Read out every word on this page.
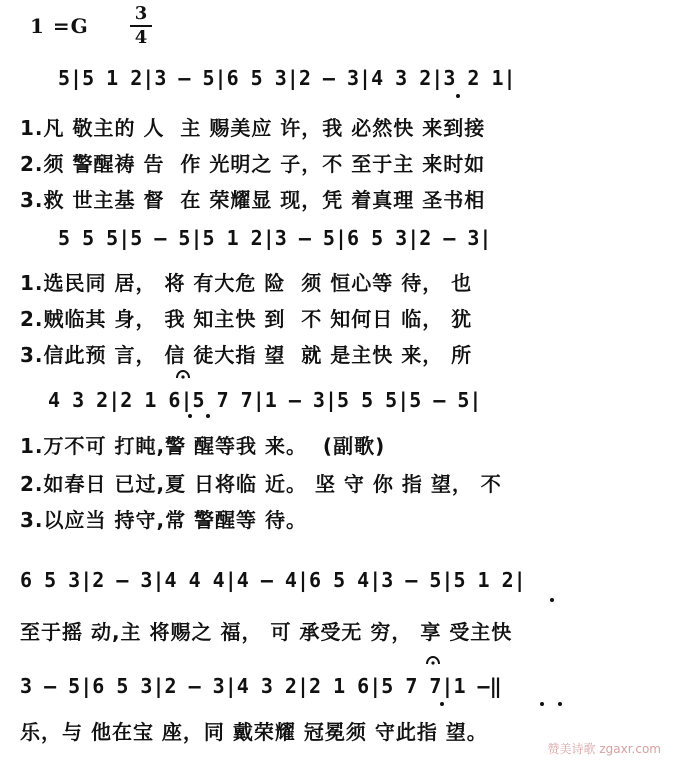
1 =G
3
4
5|5 1 2|3 — 5|6 5 3|2 — 3|4 3 2|3 2 1|
1.凡 敬主的 人  主 赐美应 许，我 必然快 来到接
2.须 警醒祷 告  作 光明之 子，不 至于主 来时如
3.救 世主基 督  在 荣耀显 现，凭 着真理 圣书相
5 5 5|5 — 5|5 1 2|3 — 5|6 5 3|2 — 3|
1.选民同 居， 将 有大危 险  须 恒心等 待， 也
2.贼临其 身， 我 知主快 到  不 知何日 临， 犹
3.信此预 言， 信 徒大指 望  就 是主快 来， 所
4 3 2|2 1 6|5 7 7|1 — 3|5 5 5|5 — 5|
1.万不可 打盹,警 醒等我 来。  (副歌)
2.如春日 已过,夏 日将临 近。 坚 守 你 指 望， 不
3.以应当 持守,常 警醒等 待。
6 5 3|2 — 3|4 4 4|4 — 4|6 5 4|3 — 5|5 1 2|
至于摇 动,主 将赐之 福， 可 承受无 穷， 享 受主快
3 — 5|6 5 3|2 — 3|4 3 2|2 1 6|5 7 7|1 —‖
乐，与 他在宝 座，同 戴荣耀 冠冕须 守此指 望。
赞美诗歌 zgaxr.com
